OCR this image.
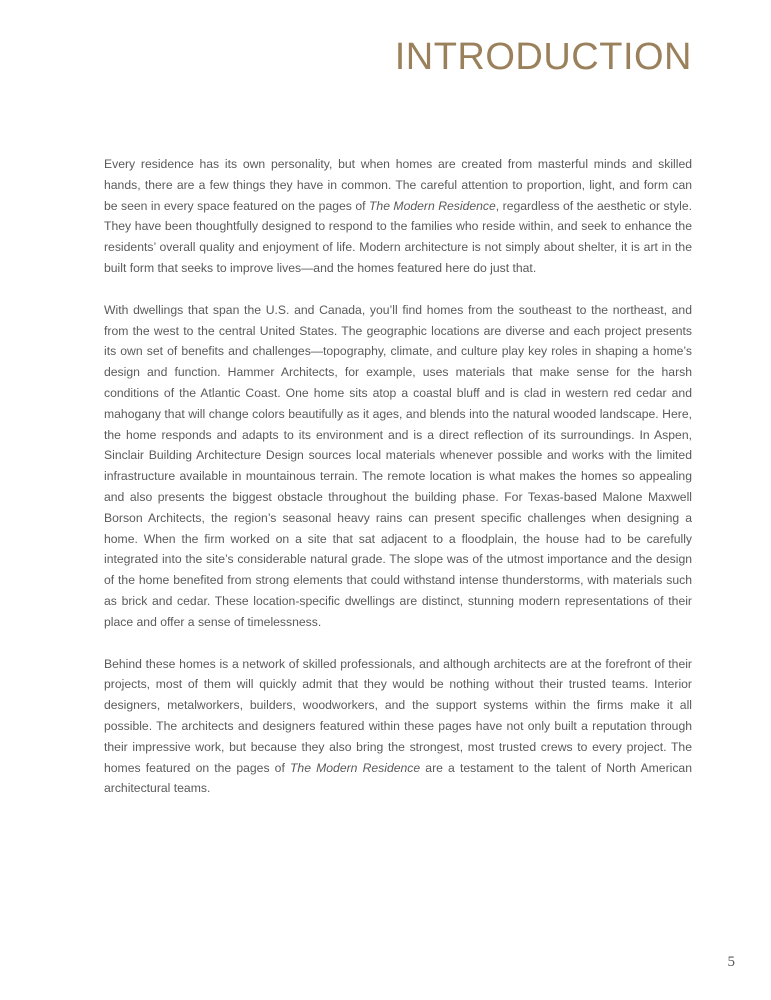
INTRODUCTION

Every residence has its own personality, but when homes are created from masterful minds and skilled hands, there are a few things they have in common. The careful attention to proportion, light, and form can be seen in every space featured on the pages of The Modern Residence, regardless of the aesthetic or style. They have been thoughtfully designed to respond to the families who reside within, and seek to enhance the residents’ overall quality and enjoyment of life. Modern architecture is not simply about shelter, it is art in the built form that seeks to improve lives—and the homes featured here do just that.

With dwellings that span the U.S. and Canada, you’ll find homes from the southeast to the northeast, and from the west to the central United States. The geographic locations are diverse and each project presents its own set of benefits and challenges—topography, climate, and culture play key roles in shaping a home’s design and function. Hammer Architects, for example, uses materials that make sense for the harsh conditions of the Atlantic Coast. One home sits atop a coastal bluff and is clad in western red cedar and mahogany that will change colors beautifully as it ages, and blends into the natural wooded landscape. Here, the home responds and adapts to its environment and is a direct reflection of its surroundings. In Aspen, Sinclair Building Architecture Design sources local materials whenever possible and works with the limited infrastructure available in mountainous terrain. The remote location is what makes the homes so appealing and also presents the biggest obstacle throughout the building phase. For Texas-based Malone Maxwell Borson Architects, the region’s seasonal heavy rains can present specific challenges when designing a home. When the firm worked on a site that sat adjacent to a floodplain, the house had to be carefully integrated into the site’s considerable natural grade. The slope was of the utmost importance and the design of the home benefited from strong elements that could withstand intense thunderstorms, with materials such as brick and cedar. These location-specific dwellings are distinct, stunning modern representations of their place and offer a sense of timelessness.

Behind these homes is a network of skilled professionals, and although architects are at the forefront of their projects, most of them will quickly admit that they would be nothing without their trusted teams. Interior designers, metalworkers, builders, woodworkers, and the support systems within the firms make it all possible. The architects and designers featured within these pages have not only built a reputation through their impressive work, but because they also bring the strongest, most trusted crews to every project. The homes featured on the pages of The Modern Residence are a testament to the talent of North American architectural teams.

5
